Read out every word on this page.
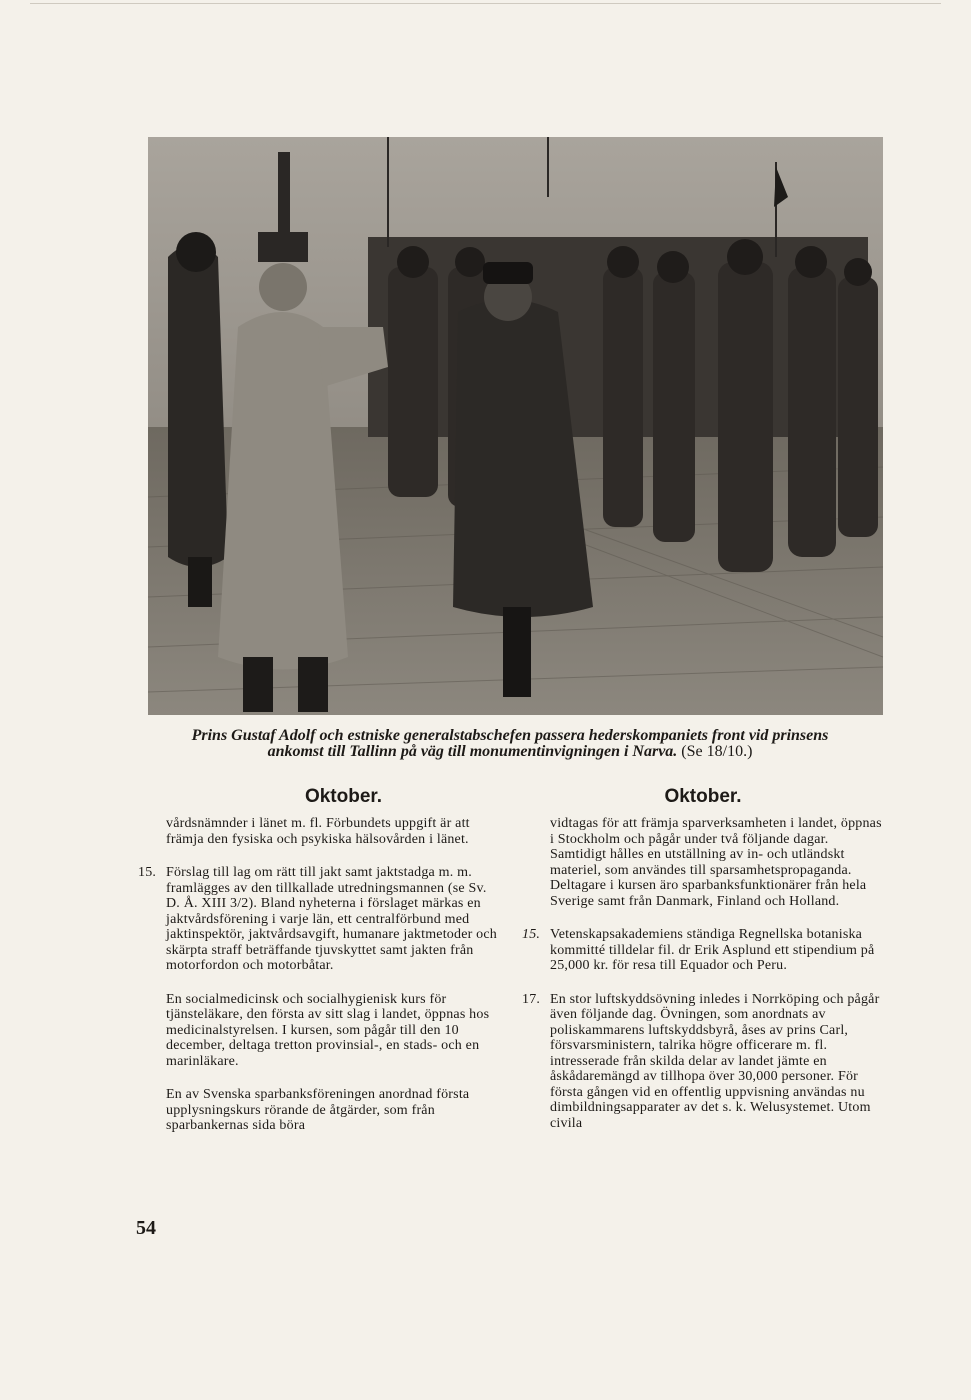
Prins Gustaf Adolf och estniske generalstabschefen passera hederskompaniets front vid prinsens
ankomst till Tallinn på väg till monumentinvigningen i Narva. (Se 18/10.)
Oktober.
vårdsnämnder i länet m. fl. Förbundets uppgift är att främja den fysiska och psykiska hälsovården i länet.
15. Förslag till lag om rätt till jakt samt jaktstadga m. m. framlägges av den tillkallade utredningsmannen (se Sv. D. Å. XIII 3/2). Bland nyheterna i förslaget märkas en jaktvårdsförening i varje län, ett centralförbund med jaktinspektör, jaktvårdsavgift, humanare jaktmetoder och skärpta straff beträffande tjuvskyttet samt jakten från motorfordon och motorbåtar.
En socialmedicinsk och socialhygienisk kurs för tjänsteläkare, den första av sitt slag i landet, öppnas hos medicinalstyrelsen. I kursen, som pågår till den 10 december, deltaga tretton provinsial-, en stads- och en marinläkare.
En av Svenska sparbanksföreningen anordnad första upplysningskurs rörande de åtgärder, som från sparbankernas sida böra
Oktober.
vidtagas för att främja sparverksamheten i landet, öppnas i Stockholm och pågår under två följande dagar. Samtidigt hålles en utställning av in- och utländskt materiel, som användes till sparsamhetspropaganda. Deltagare i kursen äro sparbanksfunktionärer från hela Sverige samt från Danmark, Finland och Holland.
15. Vetenskapsakademiens ständiga Regnellska botaniska kommitté tilldelar fil. dr Erik Asplund ett stipendium på 25,000 kr. för resa till Equador och Peru.
17. En stor luftskyddsövning inledes i Norrköping och pågår även följande dag. Övningen, som anordnats av poliskammarens luftskyddsbyrå, åses av prins Carl, försvarsministern, talrika högre officerare m. fl. intresserade från skilda delar av landet jämte en åskådaremängd av tillhopa över 30,000 personer. För första gången vid en offentlig uppvisning användas nu dimbildningsapparater av det s. k. Welusystemet. Utom civila
54
